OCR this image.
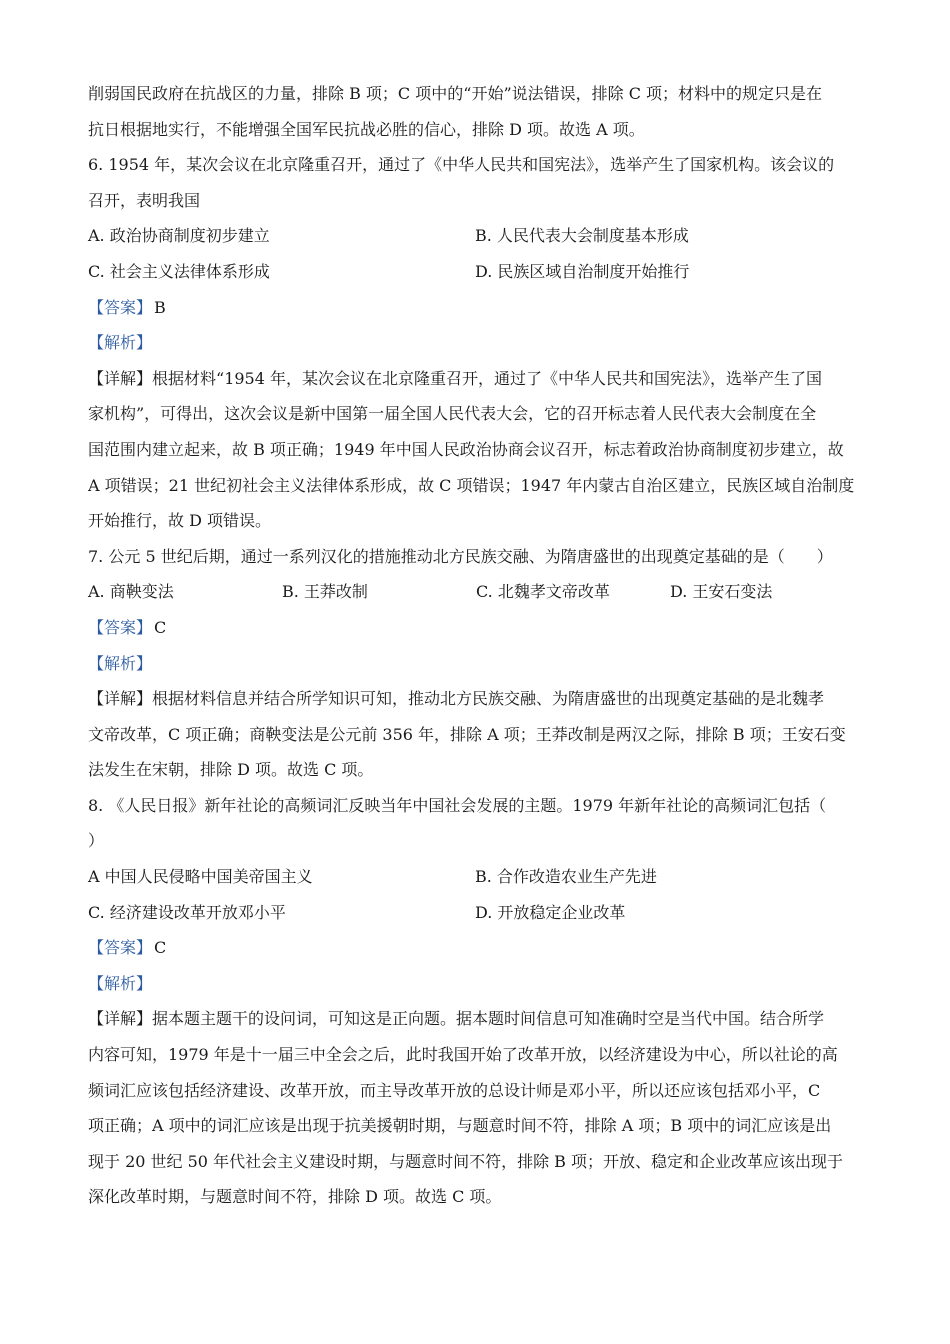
削弱国民政府在抗战区的力量，排除 B 项；C 项中的“开始”说法错误，排除 C 项；材料中的规定只是在
抗日根据地实行，不能增强全国军民抗战必胜的信心，排除 D 项。故选 A 项。
6. 1954 年，某次会议在北京隆重召开，通过了《中华人民共和国宪法》，选举产生了国家机构。该会议的
召开，表明我国
A. 政治协商制度初步建立	B. 人民代表大会制度基本形成
C. 社会主义法律体系形成	D. 民族区域自治制度开始推行
【答案】 B
【解析】
【详解】根据材料“1954 年，某次会议在北京隆重召开，通过了《中华人民共和国宪法》，选举产生了国
家机构”，可得出，这次会议是新中国第一届全国人民代表大会，它的召开标志着人民代表大会制度在全
国范围内建立起来，故 B 项正确；1949 年中国人民政治协商会议召开，标志着政治协商制度初步建立，故
A 项错误；21 世纪初社会主义法律体系形成，故 C 项错误；1947 年内蒙古自治区建立，民族区域自治制度
开始推行，故 D 项错误。
7. 公元 5 世纪后期，通过一系列汉化的措施推动北方民族交融、为隋唐盛世的出现奠定基础的是（　　）
A. 商鞅变法	B. 王莽改制	C. 北魏孝文帝改革	D. 王安石变法
【答案】 C
【解析】
【详解】根据材料信息并结合所学知识可知，推动北方民族交融、为隋唐盛世的出现奠定基础的是北魏孝
文帝改革，C 项正确；商鞅变法是公元前 356 年，排除 A 项；王莽改制是两汉之际，排除 B 项；王安石变
法发生在宋朝，排除 D 项。故选 C 项。
8. 《人民日报》新年社论的高频词汇反映当年中国社会发展的主题。1979 年新年社论的高频词汇包括（
）
A 中国人民侵略中国美帝国主义	B. 合作改造农业生产先进
C. 经济建设改革开放邓小平	D. 开放稳定企业改革
【答案】 C
【解析】
【详解】据本题主题干的设问词，可知这是正向题。据本题时间信息可知准确时空是当代中国。结合所学
内容可知，1979 年是十一届三中全会之后，此时我国开始了改革开放，以经济建设为中心，所以社论的高
频词汇应该包括经济建设、改革开放，而主导改革开放的总设计师是邓小平，所以还应该包括邓小平，C
项正确；A 项中的词汇应该是出现于抗美援朝时期，与题意时间不符，排除 A 项；B 项中的词汇应该是出
现于 20 世纪 50 年代社会主义建设时期，与题意时间不符，排除 B 项；开放、稳定和企业改革应该出现于
深化改革时期，与题意时间不符，排除 D 项。故选 C 项。
